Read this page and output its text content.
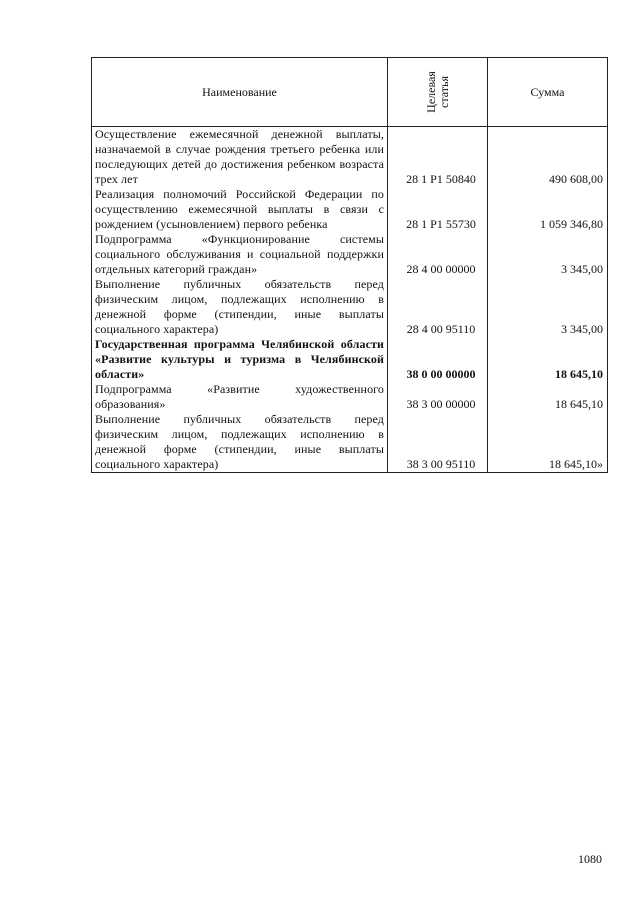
Наименование	Целевая статья	Сумма
Осуществление ежемесячной денежной выплаты, назначаемой в случае рождения третьего ребенка или последующих детей до достижения ребенком возраста трех лет	28 1 P1 50840	490 608,00
Реализация полномочий Российской Федерации по осуществлению ежемесячной выплаты в связи с рождением (усыновлением) первого ребенка	28 1 P1 55730	1 059 346,80
Подпрограмма «Функционирование системы социального обслуживания и социальной поддержки отдельных категорий граждан»	28 4 00 00000	3 345,00
Выполнение публичных обязательств перед физическим лицом, подлежащих исполнению в денежной форме (стипендии, иные выплаты социального характера)	28 4 00 95110	3 345,00
Государственная программа Челябинской области «Развитие культуры и туризма в Челябинской области»	38 0 00 00000	18 645,10
Подпрограмма «Развитие художественного образования»	38 3 00 00000	18 645,10
Выполнение публичных обязательств перед физическим лицом, подлежащих исполнению в денежной форме (стипендии, иные выплаты социального характера)	38 3 00 95110	18 645,10»
1080
